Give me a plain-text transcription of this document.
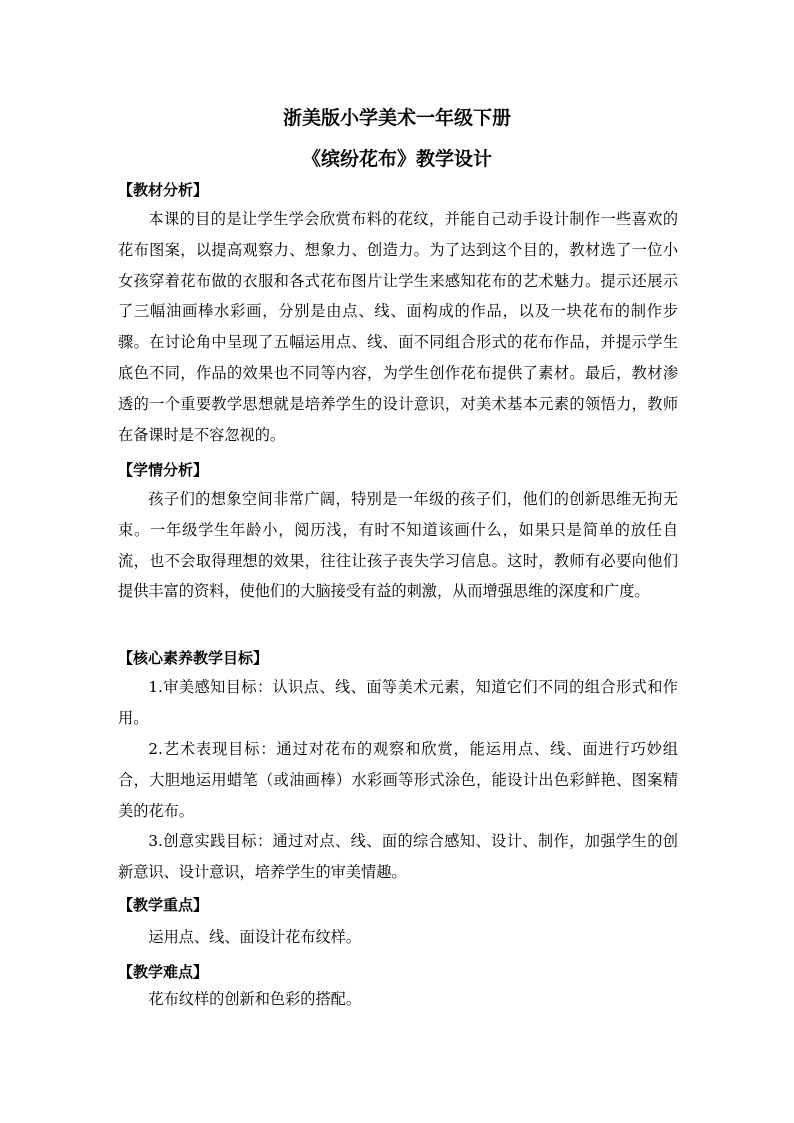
浙美版小学美术一年级下册
《缤纷花布》教学设计
【教材分析】

本课的目的是让学生学会欣赏布料的花纹，并能自己动手设计制作一些喜欢的花布图案，以提高观察力、想象力、创造力。为了达到这个目的，教材选了一位小女孩穿着花布做的衣服和各式花布图片让学生来感知花布的艺术魅力。提示还展示了三幅油画棒水彩画，分别是由点、线、面构成的作品，以及一块花布的制作步骤。在讨论角中呈现了五幅运用点、线、面不同组合形式的花布作品，并提示学生底色不同，作品的效果也不同等内容，为学生创作花布提供了素材。最后，教材渗透的一个重要教学思想就是培养学生的设计意识，对美术基本元素的领悟力，教师在备课时是不容忽视的。

【学情分析】

孩子们的想象空间非常广阔，特别是一年级的孩子们，他们的创新思维无拘无束。一年级学生年龄小，阅历浅，有时不知道该画什么，如果只是简单的放任自流，也不会取得理想的效果，往往让孩子丧失学习信息。这时，教师有必要向他们提供丰富的资料，使他们的大脑接受有益的刺激，从而增强思维的深度和广度。

【核心素养教学目标】

1.审美感知目标：认识点、线、面等美术元素，知道它们不同的组合形式和作用。

2.艺术表现目标：通过对花布的观察和欣赏，能运用点、线、面进行巧妙组合，大胆地运用蜡笔（或油画棒）水彩画等形式涂色，能设计出色彩鲜艳、图案精美的花布。

3.创意实践目标：通过对点、线、面的综合感知、设计、制作，加强学生的创新意识、设计意识，培养学生的审美情趣。

【教学重点】

运用点、线、面设计花布纹样。

【教学难点】

花布纹样的创新和色彩的搭配。
